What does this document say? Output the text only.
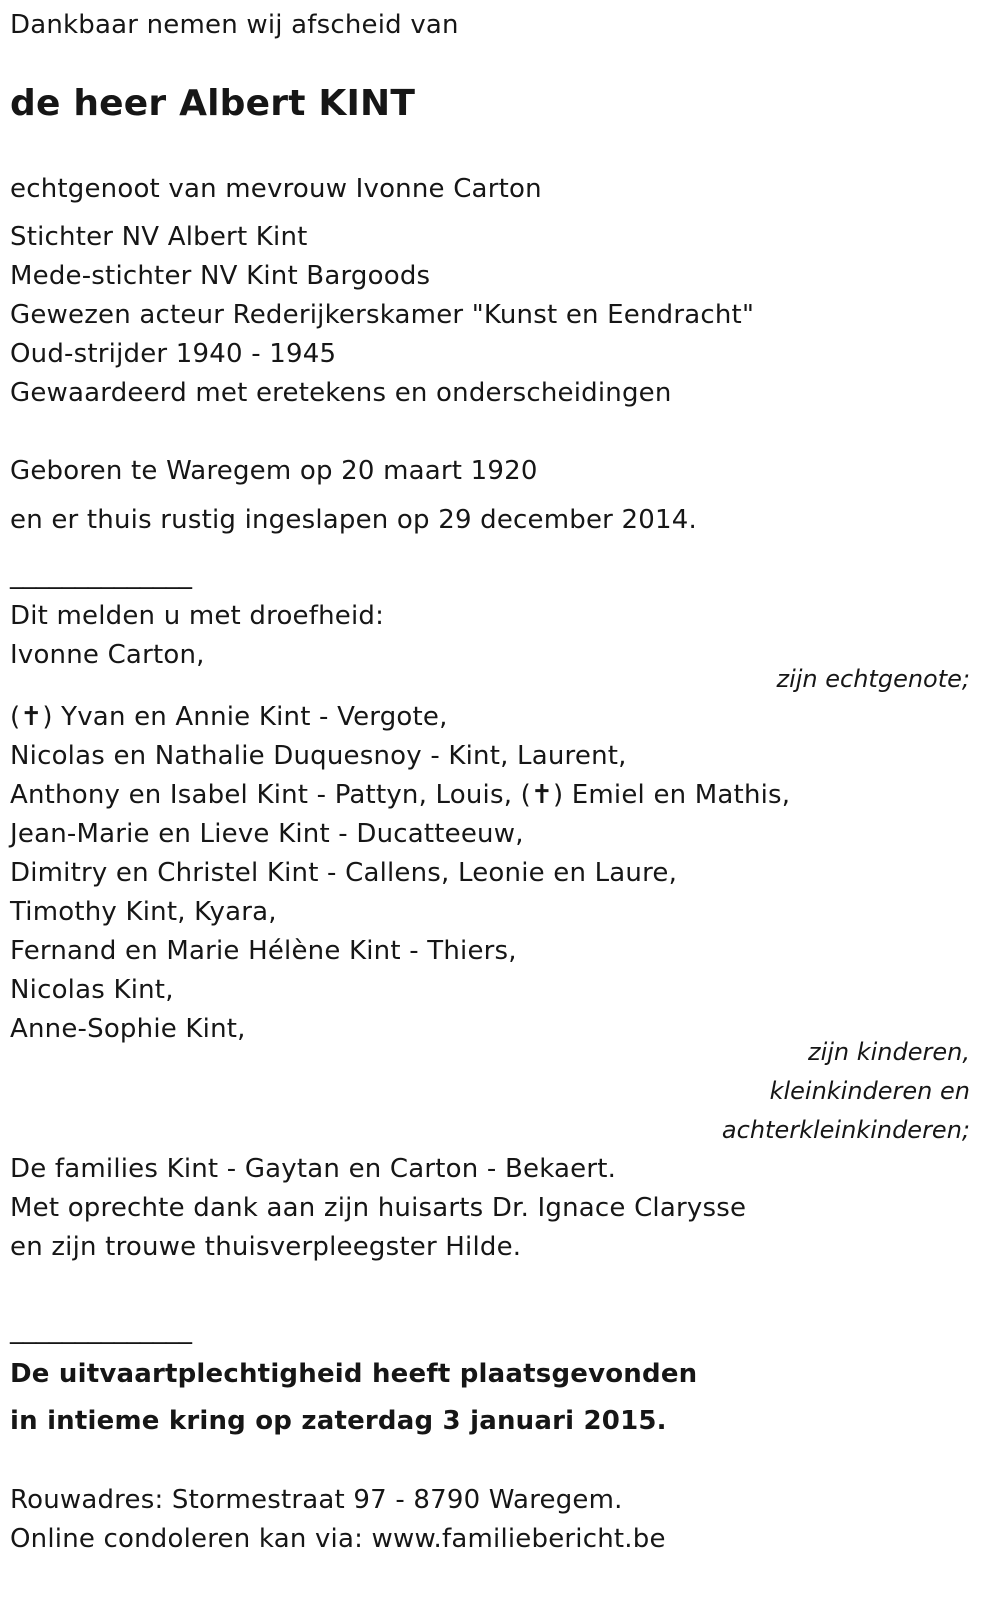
Dankbaar nemen wij afscheid van
de heer Albert KINT
echtgenoot van mevrouw Ivonne Carton
Stichter NV Albert Kint
Mede-stichter NV Kint Bargoods
Gewezen acteur Rederijkerskamer "Kunst en Eendracht"
Oud-strijder 1940 - 1945
Gewaardeerd met eretekens en onderscheidingen
Geboren te Waregem op 20 maart 1920
en er thuis rustig ingeslapen op 29 december 2014.
______________
Dit melden u met droefheid:
Ivonne Carton,
zijn echtgenote;
(✝) Yvan en Annie Kint - Vergote,
Nicolas en Nathalie Duquesnoy - Kint, Laurent,
Anthony en Isabel Kint - Pattyn, Louis, (✝) Emiel en Mathis,
Jean-Marie en Lieve Kint - Ducatteeuw,
Dimitry en Christel Kint - Callens, Leonie en Laure,
Timothy Kint, Kyara,
Fernand en Marie Hélène Kint - Thiers,
Nicolas Kint,
Anne-Sophie Kint,
zijn kinderen,
kleinkinderen en
achterkleinkinderen;
De families Kint - Gaytan en Carton - Bekaert.
Met oprechte dank aan zijn huisarts Dr. Ignace Clarysse
en zijn trouwe thuisverpleegster Hilde.
______________
De uitvaartplechtigheid heeft plaatsgevonden
in intieme kring op zaterdag 3 januari 2015.
Rouwadres: Stormestraat 97 - 8790 Waregem.
Online condoleren kan via: www.familiebericht.be
